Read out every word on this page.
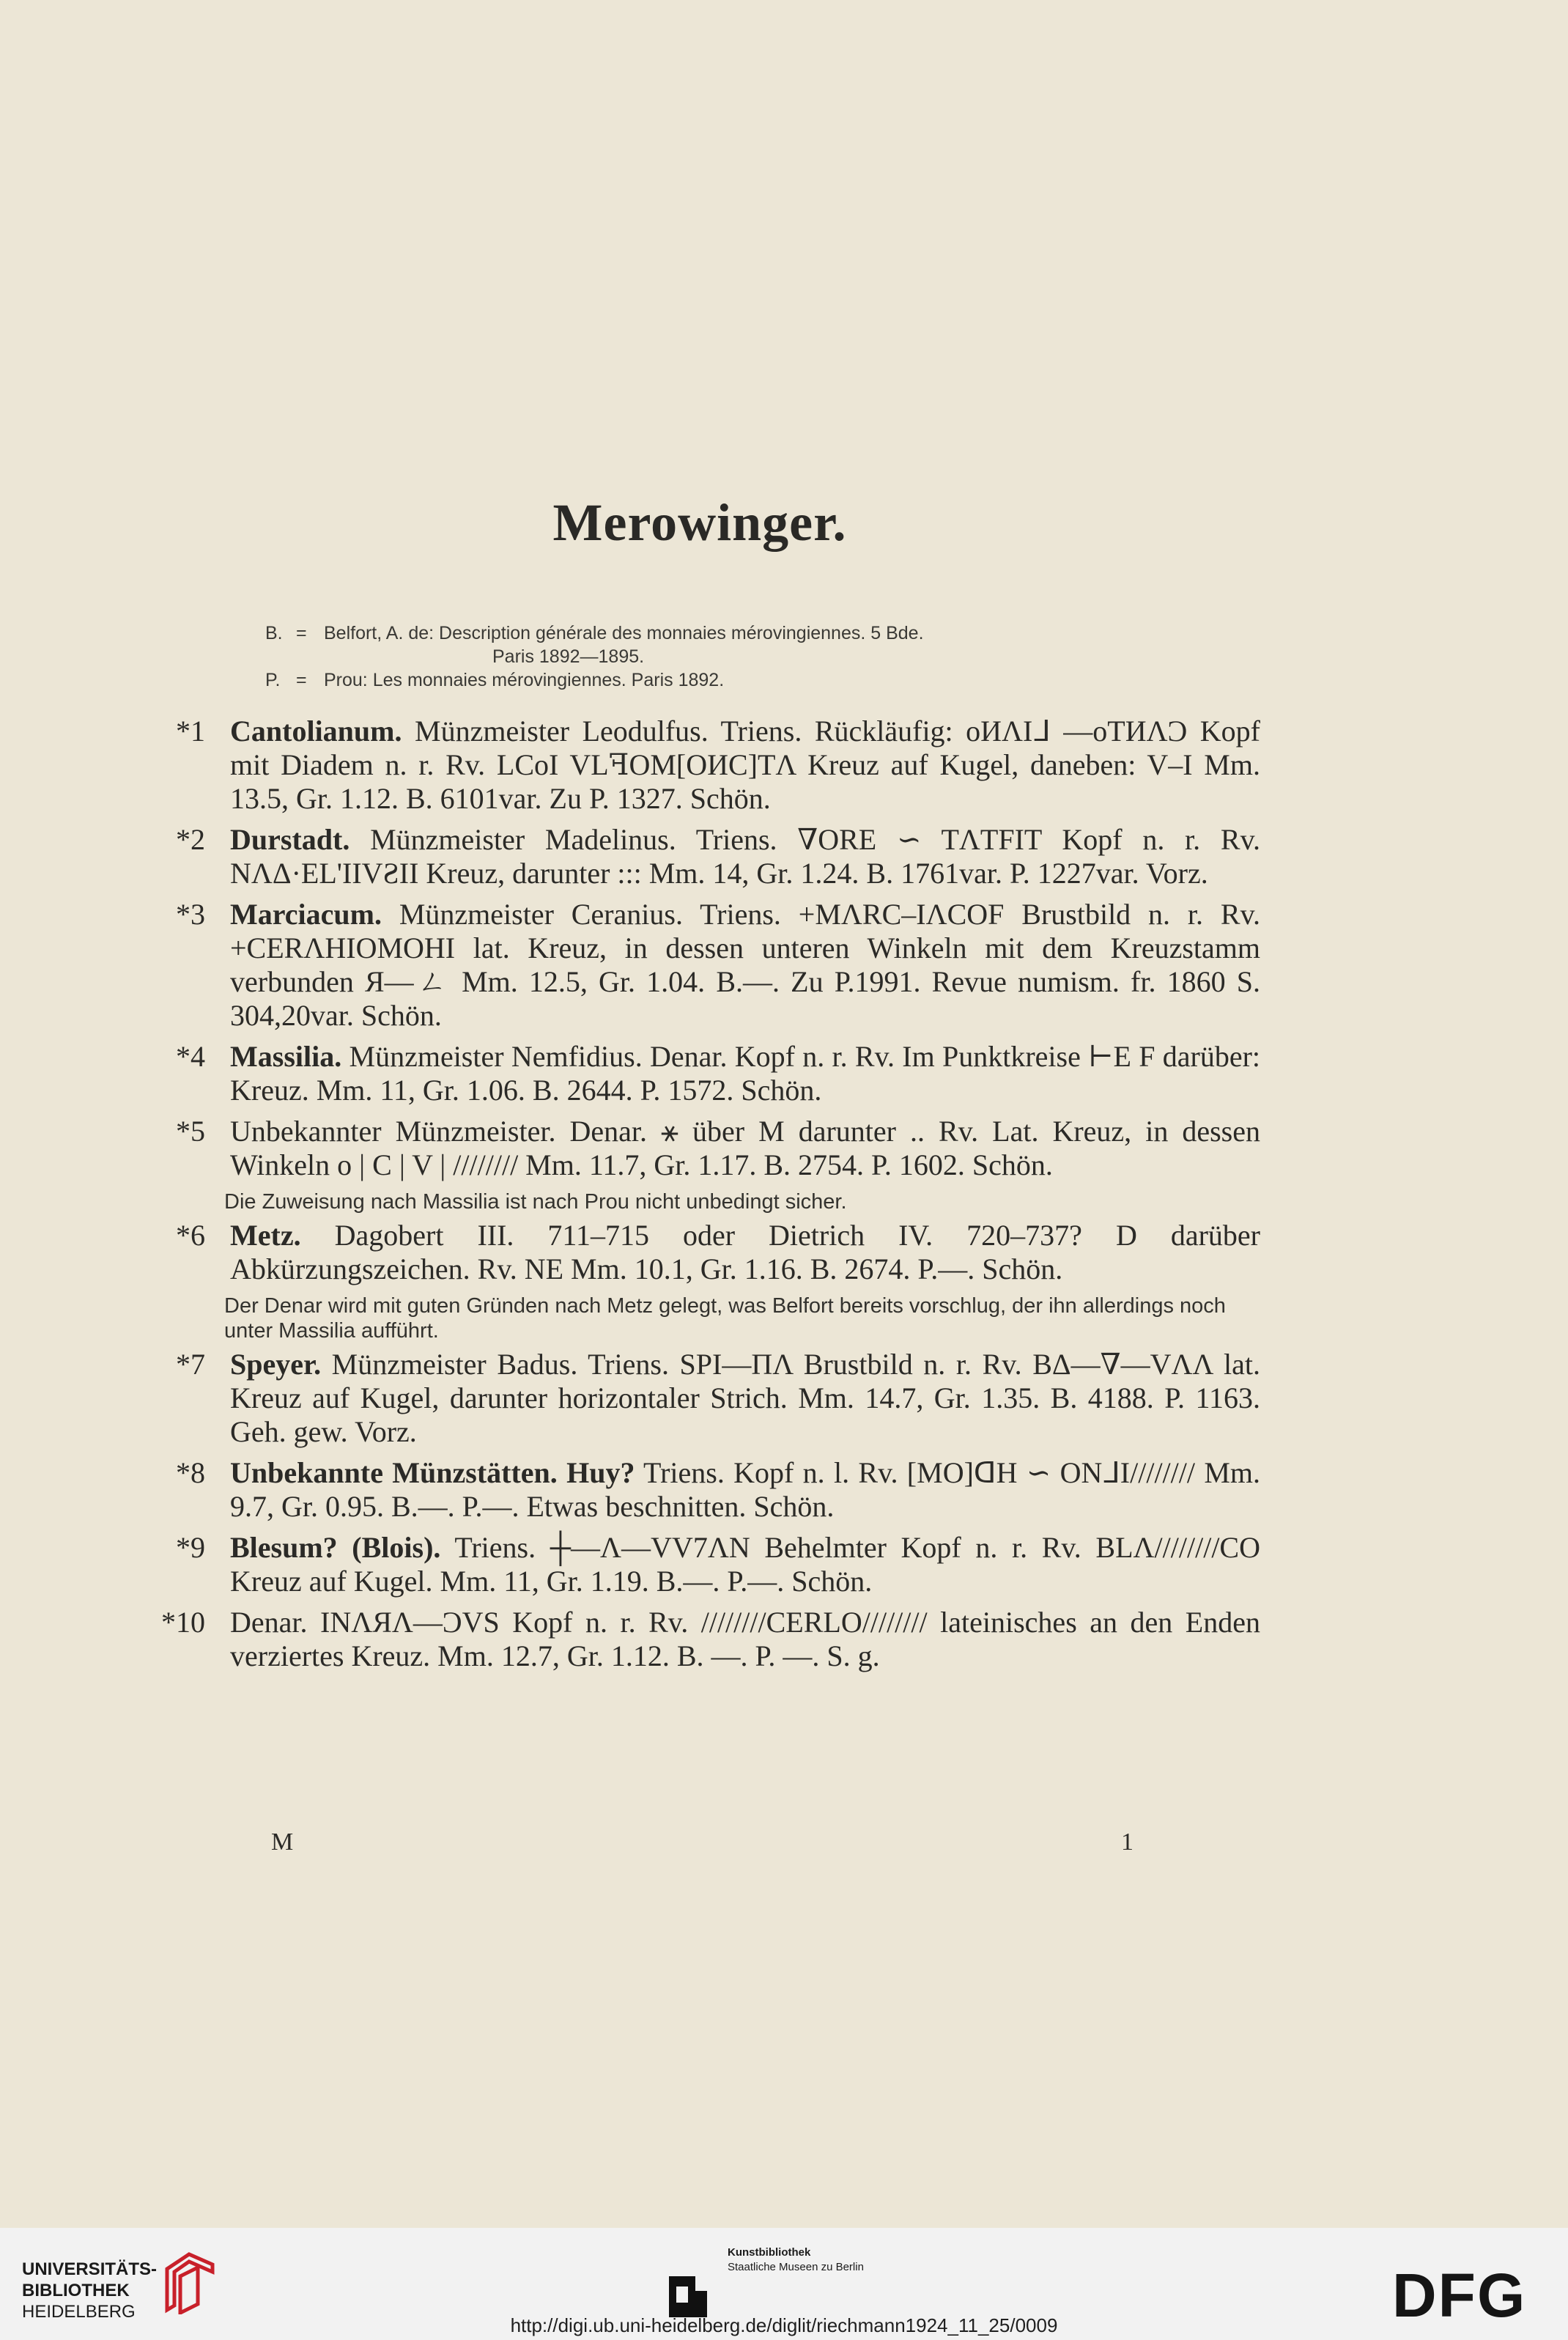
Merowinger.
B. = Belfort, A. de: Description générale des monnaies mérovingiennes. 5 Bde.
Paris 1892—1895.
P. = Prou: Les monnaies mérovingiennes. Paris 1892.
*1 Cantolianum. Münzmeister Leodulfus. Triens. Rückläufig: oИΛIᒧ —oTИΛϽ Kopf mit Diadem n. r. Rv. LCoI VLꟻOM[ΟИC]TΛ Kreuz auf Kugel, daneben: V–I Mm. 13.5, Gr. 1.12. B. 6101var. Zu P. 1327. Schön.
*2 Durstadt. Münzmeister Madelinus. Triens. ∇ORE ∽ TΛTFIT Kopf n. r. Rv. NΛΔ·EL'IIVƧII Kreuz, darunter ::: Mm. 14, Gr. 1.24. B. 1761var. P. 1227var. Vorz.
*3 Marciacum. Münzmeister Ceranius. Triens. +MΛRC–IΛCOF Brustbild n. r. Rv. +CERΛHIOMOHI lat. Kreuz, in dessen unteren Winkeln mit dem Kreuzstamm verbunden Я—ㄥ Mm. 12.5, Gr. 1.04. B.—. Zu P.1991. Revue numism. fr. 1860 S. 304,20var. Schön.
*4 Massilia. Münzmeister Nemfidius. Denar. Kopf n. r. Rv. Im Punktkreise ⊢E F darüber: Kreuz. Mm. 11, Gr. 1.06. B. 2644. P. 1572. Schön.
*5 Unbekannter Münzmeister. Denar. ⚹ über M darunter .. Rv. Lat. Kreuz, in dessen Winkeln o | C | V | //////// Mm. 11.7, Gr. 1.17. B. 2754. P. 1602. Schön.
Die Zuweisung nach Massilia ist nach Prou nicht unbedingt sicher.
*6 Metz. Dagobert III. 711–715 oder Dietrich IV. 720–737? D darüber Abkürzungszeichen. Rv. NE Mm. 10.1, Gr. 1.16. B. 2674. P.—. Schön.
Der Denar wird mit guten Gründen nach Metz gelegt, was Belfort bereits vorschlug, der ihn allerdings noch unter Massilia aufführt.
*7 Speyer. Münzmeister Badus. Triens. SPI—ПΛ Brustbild n. r. Rv. BΔ—∇—VΛΛ lat. Kreuz auf Kugel, darunter horizontaler Strich. Mm. 14.7, Gr. 1.35. B. 4188. P. 1163. Geh. gew. Vorz.
*8 Unbekannte Münzstätten. Huy? Triens. Kopf n. l. Rv. [MO]ꓷH ∽ ONᒧI//////// Mm. 9.7, Gr. 0.95. B.—. P.—. Etwas beschnitten. Schön.
*9 Blesum? (Blois). Triens. ┼—Λ—VV7ΛN Behelmter Kopf n. r. Rv. BLΛ////////CO Kreuz auf Kugel. Mm. 11, Gr. 1.19. B.—. P.—. Schön.
*10 Denar. INΛЯΛ—ϽVS Kopf n. r. Rv. ////////CERLO//////// lateinisches an den Enden verziertes Kreuz. Mm. 12.7, Gr. 1.12. B. —. P. —. S. g.
M	1
UNIVERSITÄTS-
BIBLIOTHEK
HEIDELBERG
Kunstbibliothek
Staatliche Museen zu Berlin	DFG
http://digi.ub.uni-heidelberg.de/diglit/riechmann1924_11_25/0009
